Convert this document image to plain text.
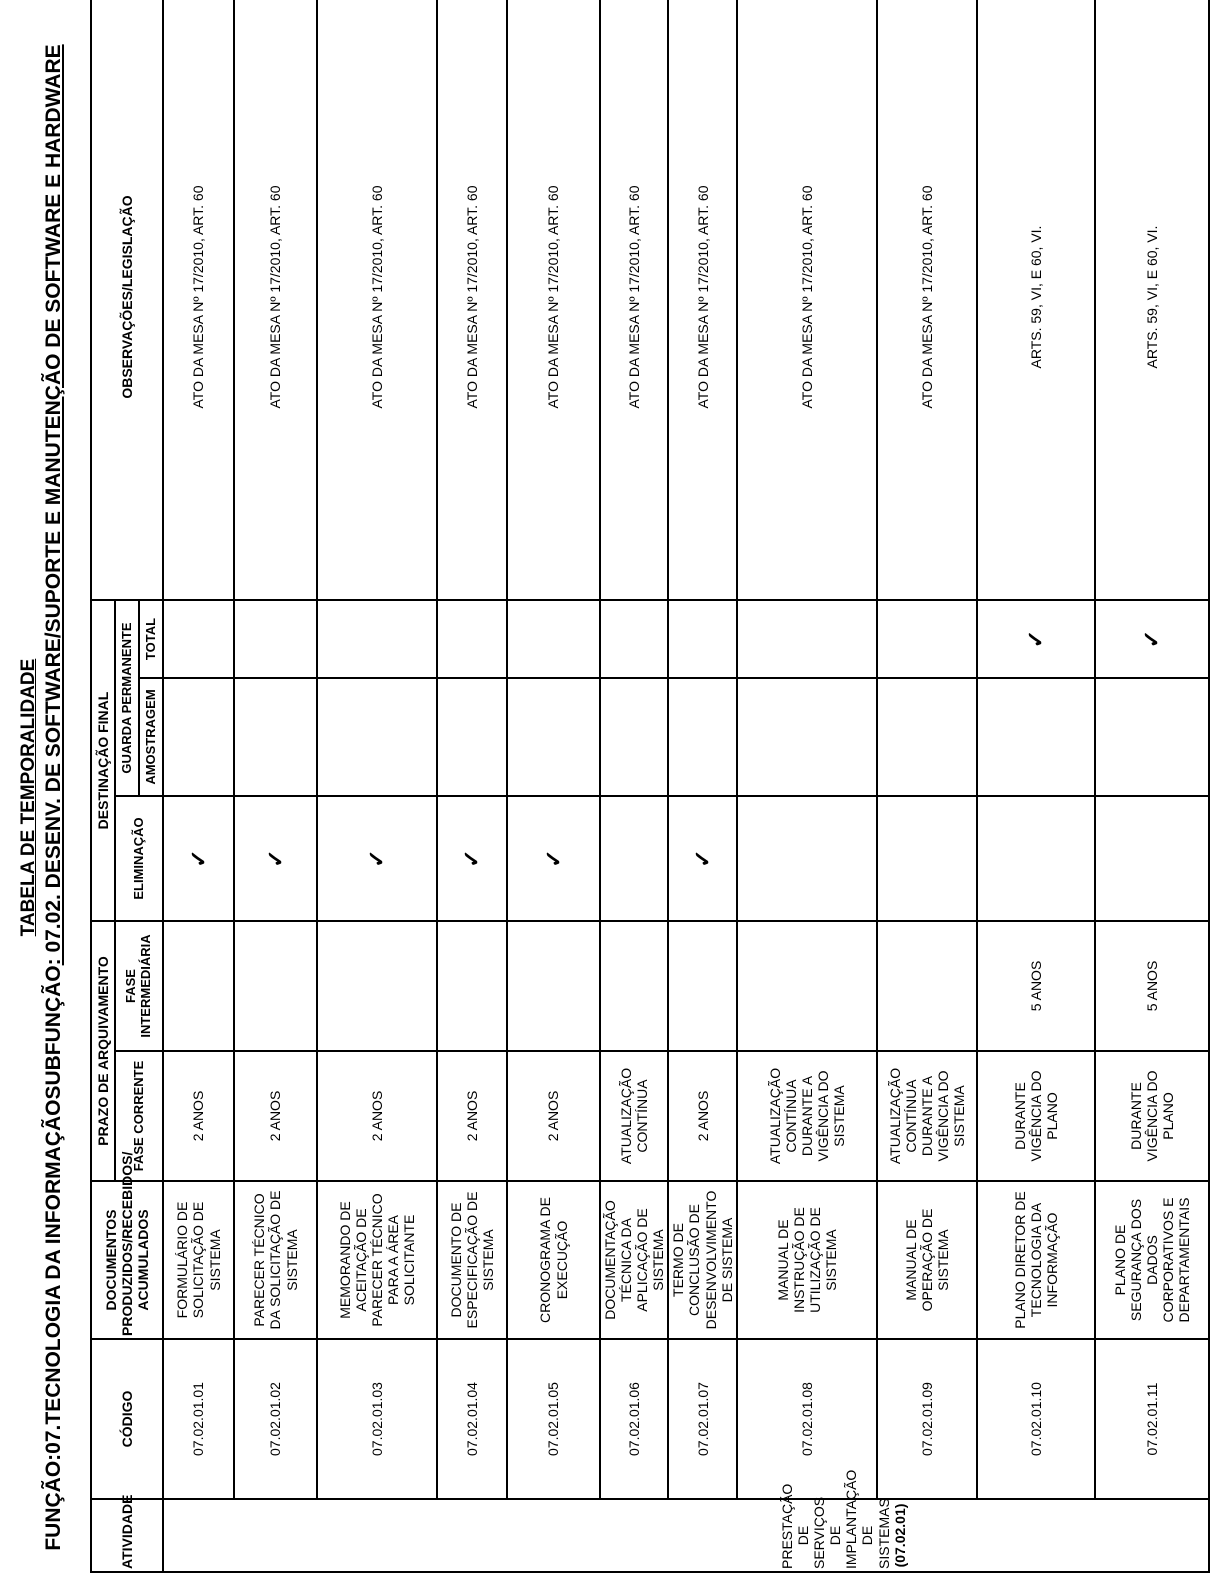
TABELA DE TEMPORALIDADE
FUNÇÃO:07.TECNOLOGIA DA INFORMAÇÃOSUBFUNÇÃO: 07.02. DESENV. DE SOFTWARE/SUPORTE E MANUTENÇÃO DE SOFTWARE E HARDWARE
ATIVIDADE	CÓDIGO	DOCUMENTOS PRODUZIDOS/RECEBIDOS/ ACUMULADOS	PRAZO DE ARQUIVAMENTO		DESTINAÇÃO FINAL			OBSERVAÇÕES/LEGISLAÇÃO
			FASE CORRENTE	FASE INTERMEDIÁRIA	ELIMINAÇÃO	GUARDA PERMANENTE		
						AMOSTRAGEM	TOTAL	

PRESTAÇÃO DE SERVIÇOS DE IMPLANTAÇÃO DE SISTEMAS (07.02.01)	07.02.01.01	FORMULÁRIO DE SOLICITAÇÃO DE SISTEMA	2 ANOS		✓			ATO DA MESA Nº 17/2010, ART. 60
	07.02.01.02	PARECER TÉCNICO DA SOLICITAÇÃO DE SISTEMA	2 ANOS		✓			ATO DA MESA Nº 17/2010, ART. 60
	07.02.01.03	MEMORANDO DE ACEITAÇÃO DE PARECER TÉCNICO PARA A ÁREA SOLICITANTE	2 ANOS		✓			ATO DA MESA Nº 17/2010, ART. 60
	07.02.01.04	DOCUMENTO DE ESPECIFICAÇÃO DE SISTEMA	2 ANOS		✓			ATO DA MESA Nº 17/2010, ART. 60
	07.02.01.05	CRONOGRAMA DE EXECUÇÃO	2 ANOS		✓			ATO DA MESA Nº 17/2010, ART. 60
	07.02.01.06	DOCUMENTAÇÃO TÉCNICA DA APLICAÇÃO DE SISTEMA	ATUALIZAÇÃO CONTÍNUA					ATO DA MESA Nº 17/2010, ART. 60
	07.02.01.07	TERMO DE CONCLUSÃO DE DESENVOLVIMENTO DE SISTEMA	2 ANOS		✓			ATO DA MESA Nº 17/2010, ART. 60
	07.02.01.08	MANUAL DE INSTRUÇÃO DE UTILIZAÇÃO DE SISTEMA	ATUALIZAÇÃO CONTÍNUA DURANTE A VIGÊNCIA DO SISTEMA					ATO DA MESA Nº 17/2010, ART. 60
	07.02.01.09	MANUAL DE OPERAÇÃO DE SISTEMA	ATUALIZAÇÃO CONTÍNUA DURANTE A VIGÊNCIA DO SISTEMA					ATO DA MESA Nº 17/2010, ART. 60
	07.02.01.10	PLANO DIRETOR DE TECNOLOGIA DA INFORMAÇÃO	DURANTE VIGÊNCIA DO PLANO	5 ANOS			✓	ARTS. 59, VI, E 60, VI.
	07.02.01.11	PLANO DE SEGURANÇA DOS DADOS CORPORATIVOS E DEPARTAMENTAIS	DURANTE VIGÊNCIA DO PLANO	5 ANOS			✓	ARTS. 59, VI, E 60, VI.
